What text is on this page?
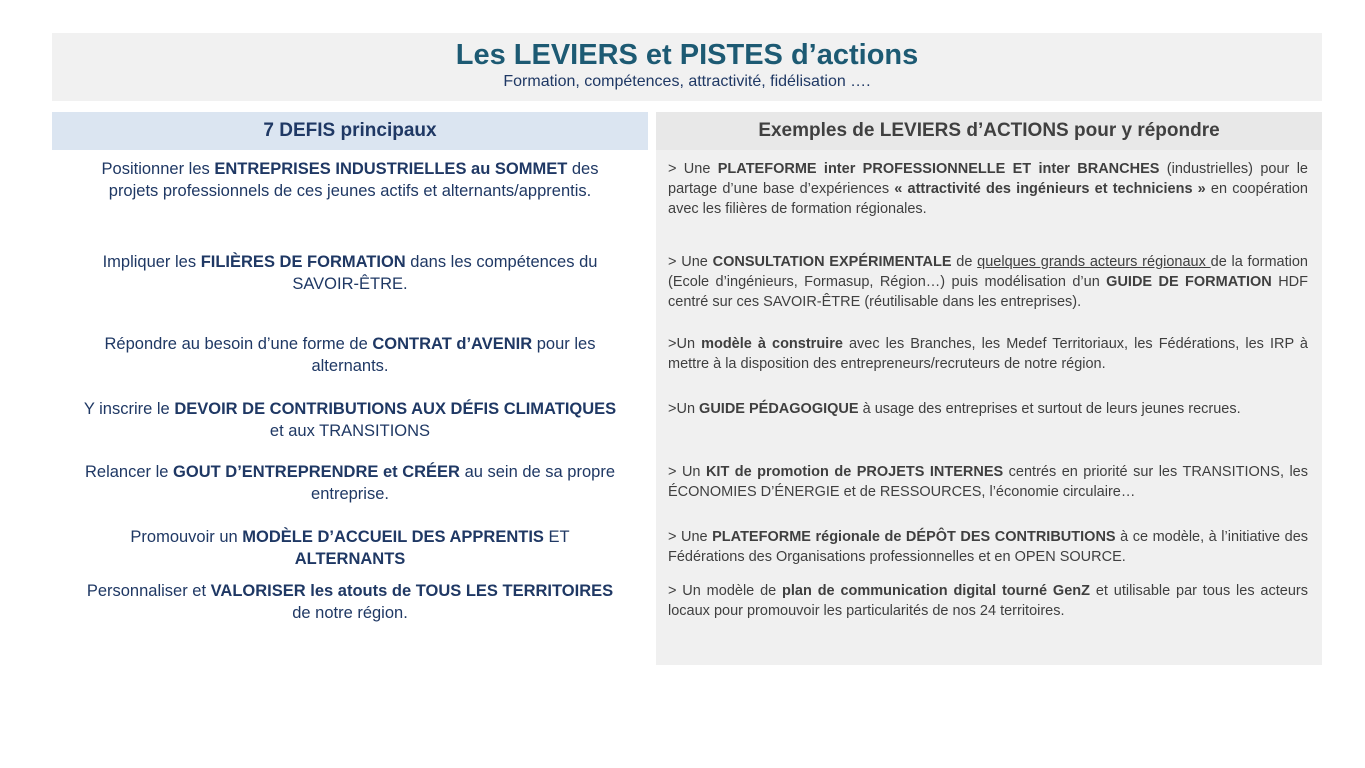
Les LEVIERS et PISTES d’actions

Formation, compétences, attractivité, fidélisation ….

7 DEFIS principaux	Exemples de LEVIERS d’ACTIONS pour y répondre
Positionner les ENTREPRISES INDUSTRIELLES au SOMMET des projets professionnels de ces jeunes actifs et alternants/apprentis.
> Une PLATEFORME inter PROFESSIONNELLE ET inter BRANCHES (industrielles) pour le partage d’une base d’expériences « attractivité des ingénieurs et techniciens » en coopération avec les filières de formation régionales.
Impliquer les FILIÈRES DE FORMATION dans les compétences du SAVOIR-ÊTRE.
> Une CONSULTATION EXPÉRIMENTALE de quelques grands acteurs régionaux de la formation (Ecole d’ingénieurs, Formasup, Région…) puis modélisation d’un GUIDE DE FORMATION HDF centré sur ces SAVOIR-ÊTRE (réutilisable dans les entreprises).
Répondre au besoin d’une forme de CONTRAT d’AVENIR pour les alternants.
>Un modèle à construire avec les Branches, les Medef Territoriaux, les Fédérations, les IRP à mettre à la disposition des entrepreneurs/recruteurs de notre région.
Y inscrire le DEVOIR DE CONTRIBUTIONS AUX DÉFIS CLIMATIQUES et aux TRANSITIONS
>Un GUIDE PÉDAGOGIQUE à usage des entreprises et surtout de leurs jeunes recrues.
Relancer le GOUT D’ENTREPRENDRE et CRÉER au sein de sa propre entreprise.
> Un KIT de promotion de PROJETS INTERNES centrés en priorité sur les TRANSITIONS, les ÉCONOMIES D’ÉNERGIE et de RESSOURCES, l’économie circulaire…
Promouvoir un MODÈLE D’ACCUEIL DES APPRENTIS ET ALTERNANTS
> Une PLATEFORME régionale de DÉPÔT DES CONTRIBUTIONS à ce modèle, à l’initiative des Fédérations des Organisations professionnelles et en OPEN SOURCE.
Personnaliser et VALORISER les atouts de TOUS LES TERRITOIRES de notre région.
> Un modèle de plan de communication digital tourné GenZ et utilisable par tous les acteurs locaux pour promouvoir les particularités de nos 24 territoires.
